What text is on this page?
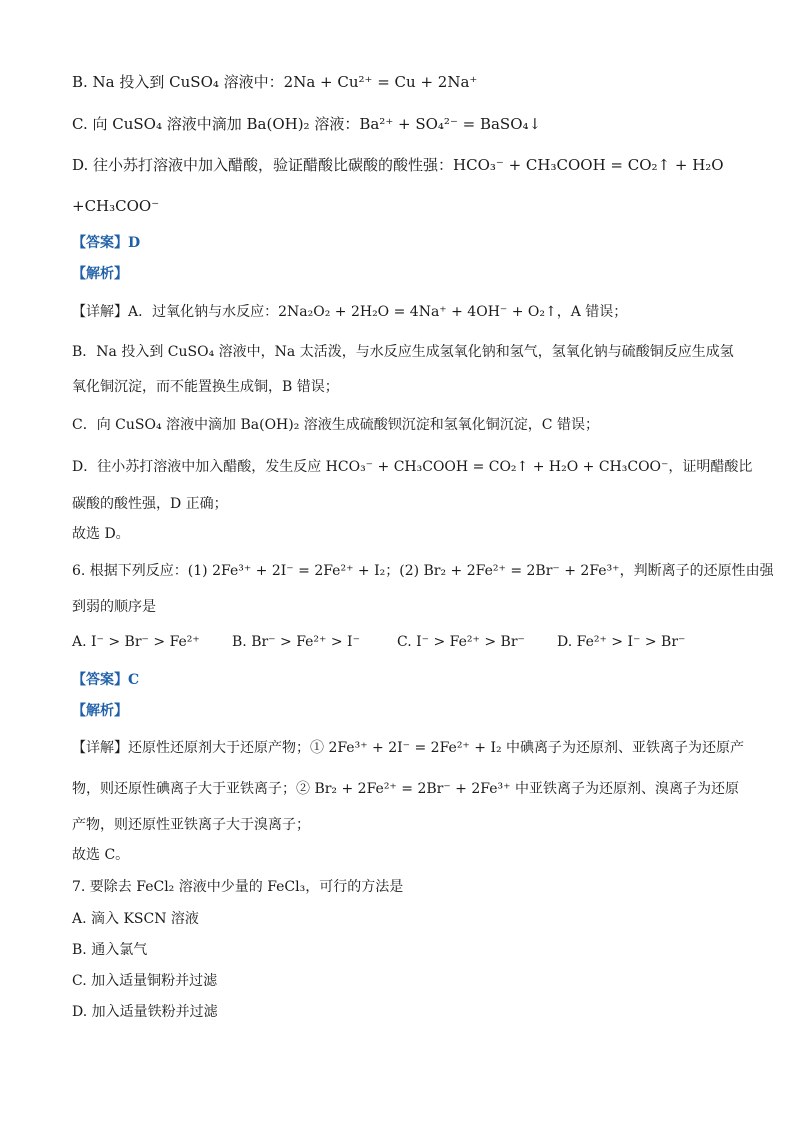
B. Na 投入到 CuSO₄ 溶液中：2Na + Cu²⁺ = Cu + 2Na⁺
C. 向 CuSO₄ 溶液中滴加 Ba(OH)₂ 溶液：Ba²⁺ + SO₄²⁻ = BaSO₄↓
D. 往小苏打溶液中加入醋酸，验证醋酸比碳酸的酸性强：HCO₃⁻ + CH₃COOH = CO₂↑ + H₂O
+CH₃COO⁻
【答案】D
【解析】
【详解】A．过氧化钠与水反应：2Na₂O₂ + 2H₂O = 4Na⁺ + 4OH⁻ + O₂↑，A 错误；
B．Na 投入到 CuSO₄ 溶液中，Na 太活泼，与水反应生成氢氧化钠和氢气，氢氧化钠与硫酸铜反应生成氢
氧化铜沉淀，而不能置换生成铜，B 错误；
C．向 CuSO₄ 溶液中滴加 Ba(OH)₂ 溶液生成硫酸钡沉淀和氢氧化铜沉淀，C 错误；
D．往小苏打溶液中加入醋酸，发生反应 HCO₃⁻ + CH₃COOH = CO₂↑ + H₂O + CH₃COO⁻，证明醋酸比
碳酸的酸性强，D 正确；
故选 D。
6. 根据下列反应：(1) 2Fe³⁺ + 2I⁻ = 2Fe²⁺ + I₂；(2) Br₂ + 2Fe²⁺ = 2Br⁻ + 2Fe³⁺，判断离子的还原性由强
到弱的顺序是
A. I⁻ > Br⁻ > Fe²⁺ B. Br⁻ > Fe²⁺ > I⁻	C. I⁻ > Fe²⁺ > Br⁻ D. Fe²⁺ > I⁻ > Br⁻
【答案】C
【解析】
【详解】还原性还原剂大于还原产物；① 2Fe³⁺ + 2I⁻ = 2Fe²⁺ + I₂ 中碘离子为还原剂、亚铁离子为还原产
物，则还原性碘离子大于亚铁离子；② Br₂ + 2Fe²⁺ = 2Br⁻ + 2Fe³⁺ 中亚铁离子为还原剂、溴离子为还原
产物，则还原性亚铁离子大于溴离子；
故选 C。
7. 要除去 FeCl₂ 溶液中少量的 FeCl₃，可行的方法是
A. 滴入 KSCN 溶液
B. 通入氯气
C. 加入适量铜粉并过滤
D. 加入适量铁粉并过滤
